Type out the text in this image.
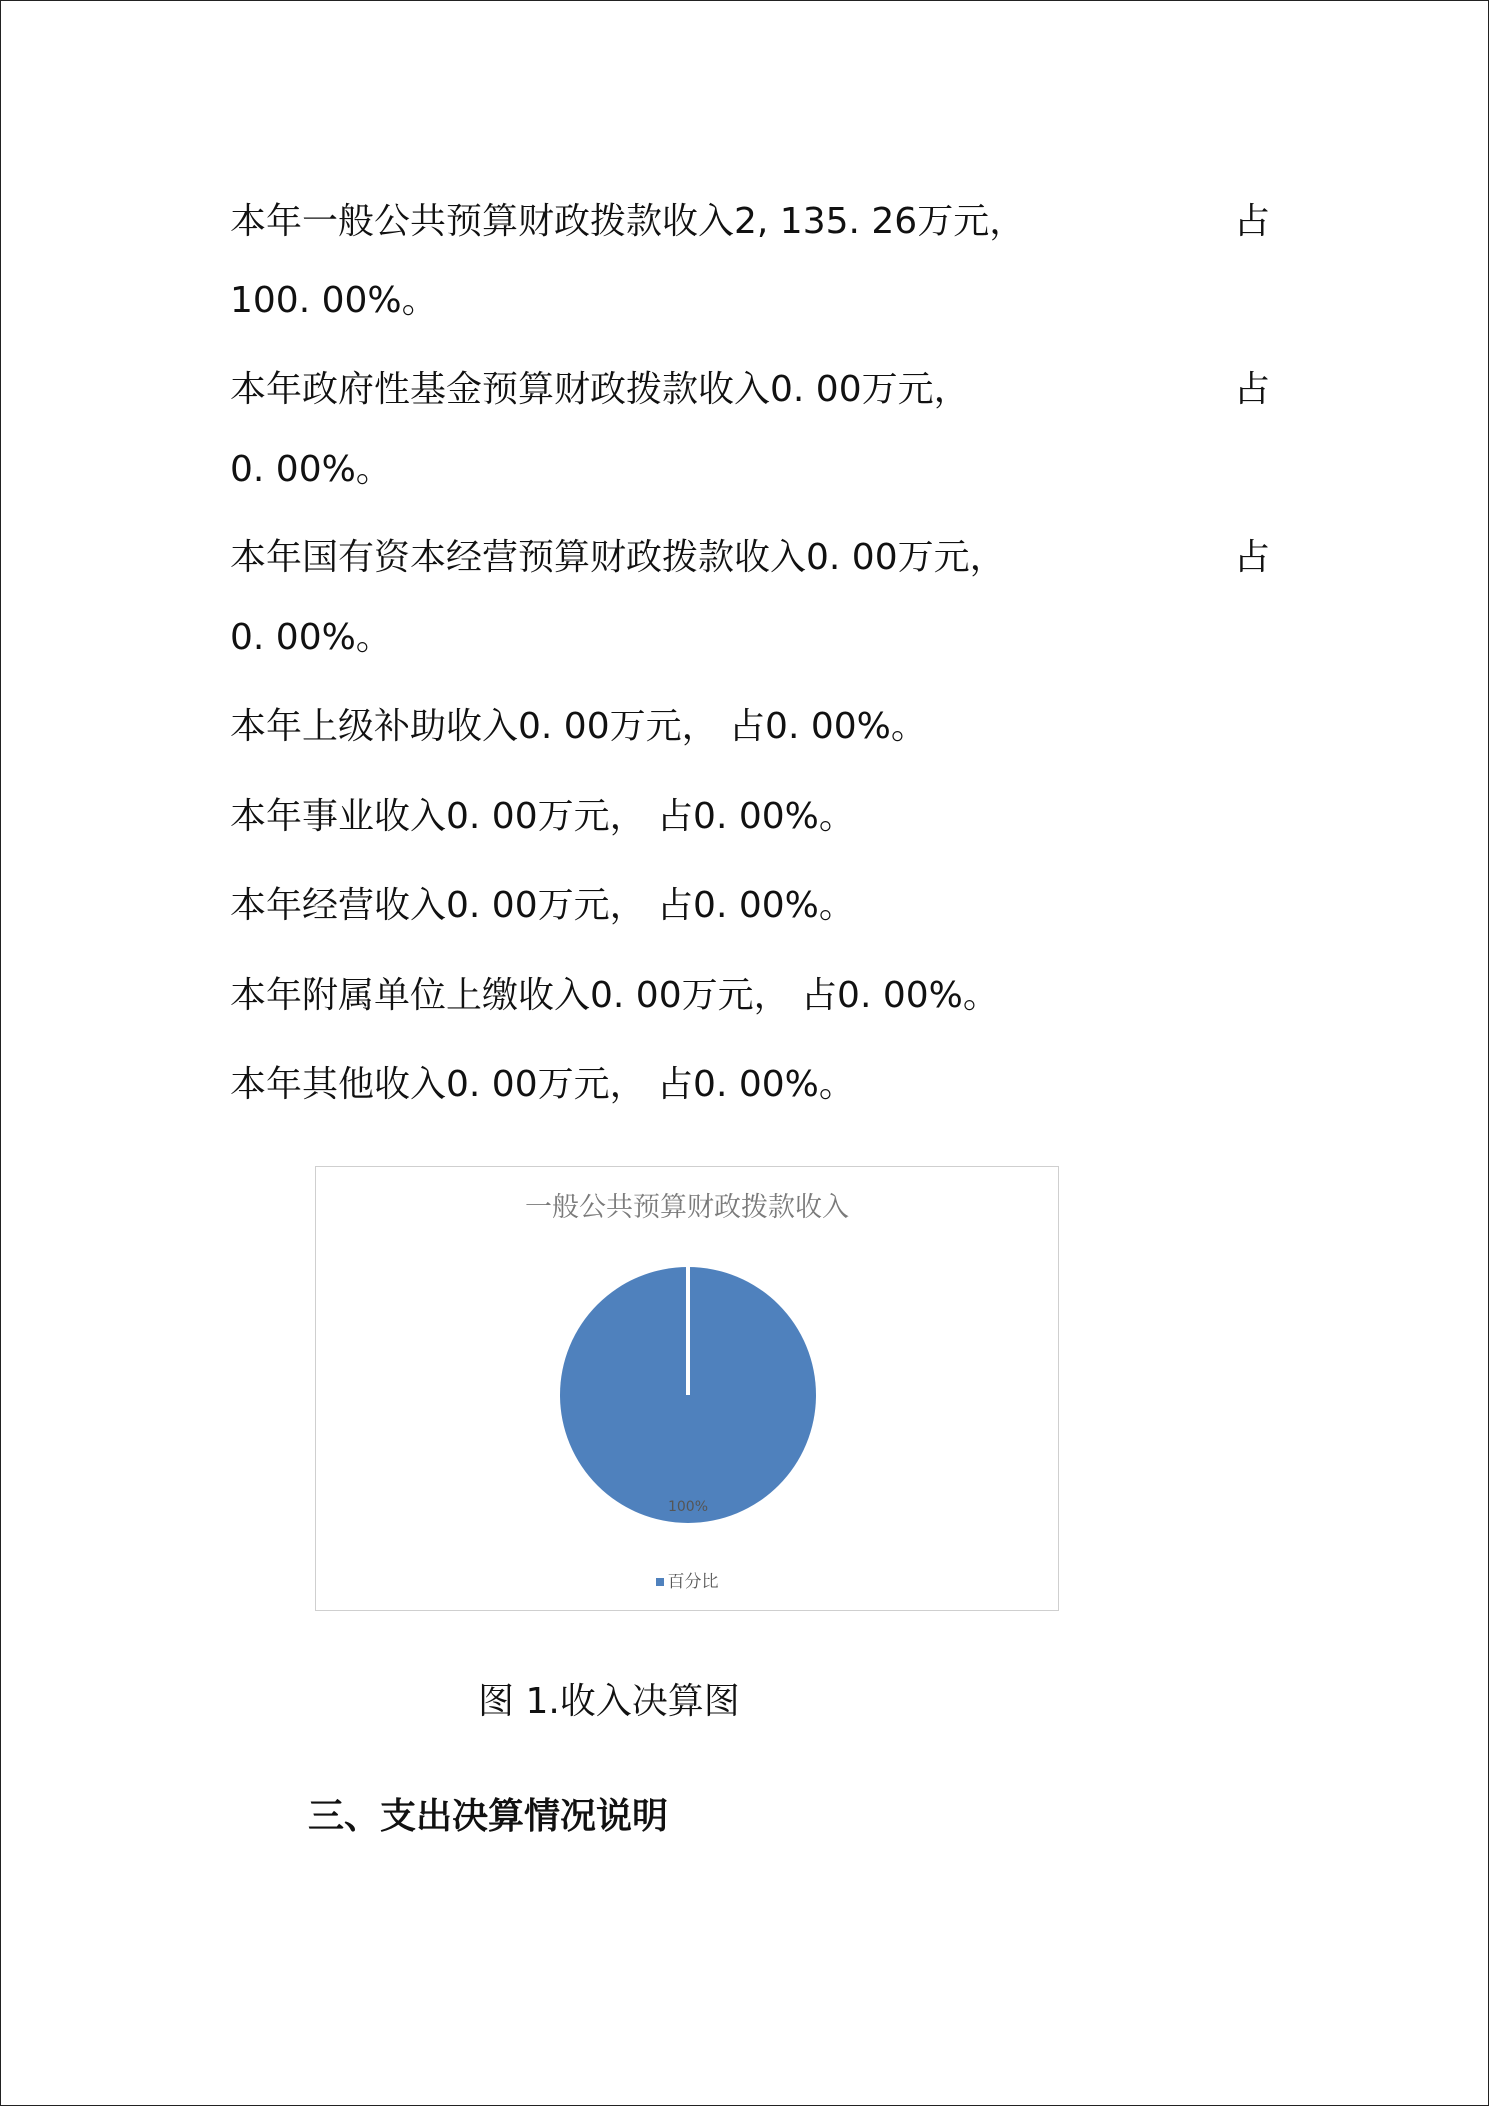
本年一般公共预算财政拨款收入2, 135. 26万元，	占
100. 00%。
本年政府性基金预算财政拨款收入0. 00万元，	占
0. 00%。
本年国有资本经营预算财政拨款收入0. 00万元，	占
0. 00%。
本年上级补助收入0. 00万元， 占0. 00%。
本年事业收入0. 00万元， 占0. 00%。
本年经营收入0. 00万元， 占0. 00%。
本年附属单位上缴收入0. 00万元， 占0. 00%。
本年其他收入0. 00万元， 占0. 00%。
一般公共预算财政拨款收入
100%
百分比
图 1.收入决算图
三、支出决算情况说明
